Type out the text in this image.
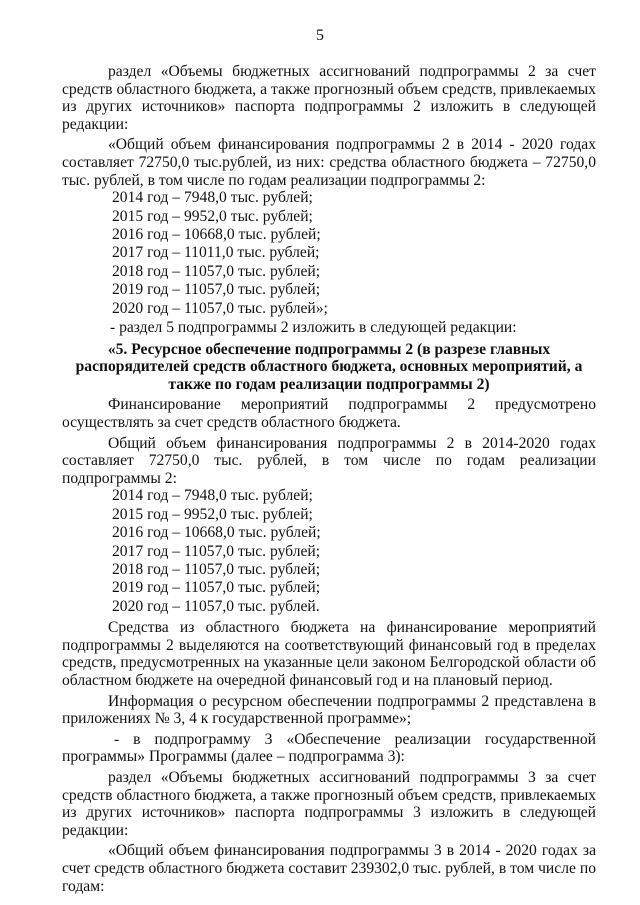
5

раздел «Объемы бюджетных ассигнований подпрограммы 2 за счет средств областного бюджета, а также прогнозный объем средств, привлекаемых из других источников» паспорта подпрограммы 2 изложить в следующей редакции:

«Общий объем финансирования подпрограммы 2 в 2014 - 2020 годах составляет 72750,0 тыс.рублей, из них: средства областного бюджета – 72750,0 тыс. рублей, в том числе по годам реализации подпрограммы 2:

2014 год – 7948,0 тыс. рублей;

2015 год – 9952,0 тыс. рублей;

2016 год – 10668,0 тыс. рублей;

2017 год – 11011,0 тыс. рублей;

2018 год – 11057,0 тыс. рублей;

2019 год – 11057,0 тыс. рублей;

2020 год – 11057,0 тыс. рублей»;

- раздел 5 подпрограммы 2 изложить в следующей редакции:

«5. Ресурсное обеспечение подпрограммы 2 (в разрезе главных распорядителей средств областного бюджета, основных мероприятий, а также по годам реализации подпрограммы 2)

Финансирование мероприятий подпрограммы 2 предусмотрено осуществлять за счет средств областного бюджета.

Общий объем финансирования подпрограммы 2 в 2014-2020 годах составляет 72750,0 тыс. рублей, в том числе по годам реализации подпрограммы 2:

2014 год – 7948,0 тыс. рублей;

2015 год – 9952,0 тыс. рублей;

2016 год – 10668,0 тыс. рублей;

2017 год – 11057,0 тыс. рублей;

2018 год – 11057,0 тыс. рублей;

2019 год – 11057,0 тыс. рублей;

2020 год – 11057,0 тыс. рублей.

Средства из областного бюджета на финансирование мероприятий подпрограммы 2 выделяются на соответствующий финансовый год в пределах средств, предусмотренных на указанные цели законом Белгородской области об областном бюджете на очередной финансовый год и на плановый период.

Информация о ресурсном обеспечении подпрограммы 2 представлена в приложениях № 3, 4 к государственной программе»;

- в подпрограмму 3 «Обеспечение реализации государственной программы» Программы (далее – подпрограмма 3):

раздел «Объемы бюджетных ассигнований подпрограммы 3 за счет средств областного бюджета, а также прогнозный объем средств, привлекаемых из других источников» паспорта подпрограммы 3 изложить в следующей редакции:

«Общий объем финансирования подпрограммы 3 в 2014 - 2020 годах за счет средств областного бюджета составит 239302,0 тыс. рублей, в том числе по годам:
